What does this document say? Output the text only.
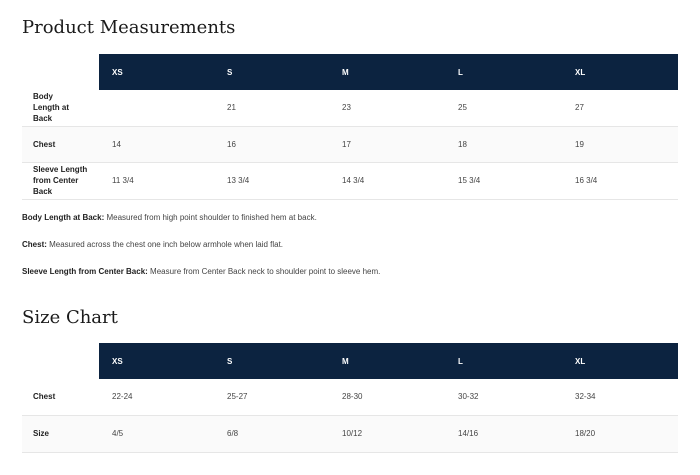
Product Measurements
	XS	S	M	L	XL
Body Length at Back		21	23	25	27
Chest	14	16	17	18	19
Sleeve Length from Center Back	11 3/4	13 3/4	14 3/4	15 3/4	16 3/4

Body Length at Back: Measured from high point shoulder to finished hem at back.

Chest: Measured across the chest one inch below armhole when laid flat.

Sleeve Length from Center Back: Measure from Center Back neck to shoulder point to sleeve hem.

Size Chart
	XS	S	M	L	XL
Chest	22-24	25-27	28-30	30-32	32-34
Size	4/5	6/8	10/12	14/16	18/20
